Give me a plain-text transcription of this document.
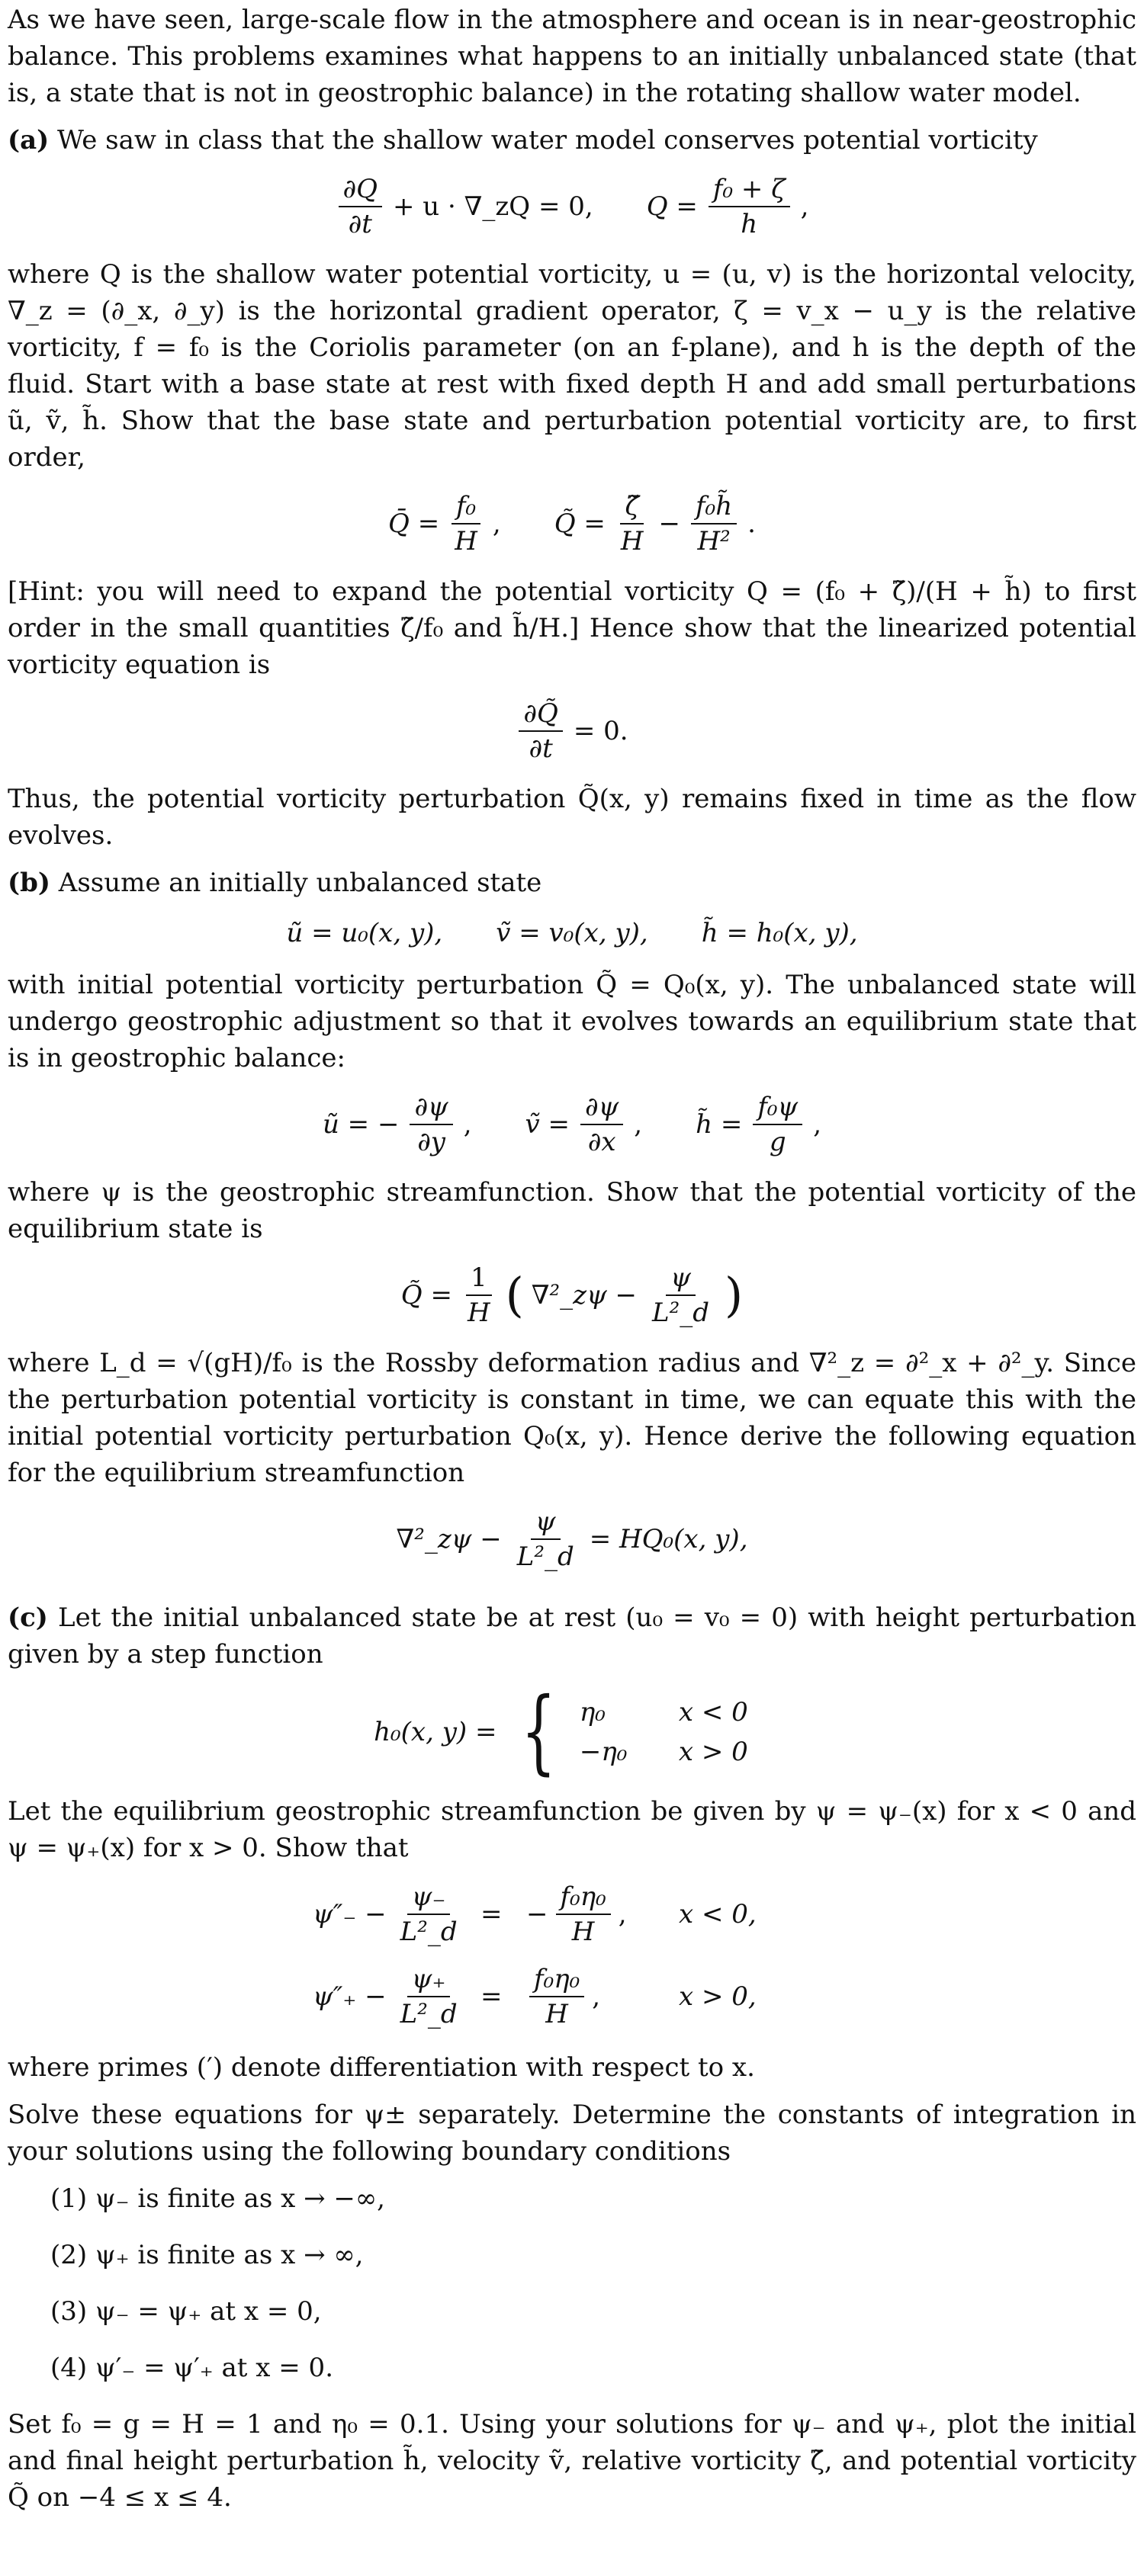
As we have seen, large-scale flow in the atmosphere and ocean is in near-geostrophic balance. This problems examines what happens to an initially unbalanced state (that is, a state that is not in geostrophic balance) in the rotating shallow water model.

(a) We saw in class that the shallow water model conserves potential vorticity

$\frac{\partial Q}{\partial t} + u$ · ∇_zQ = 0, $Q = \frac{\text{f₀ + ζ}}{h}$ ,

where Q is the shallow water potential vorticity, u = (u, v) is the horizontal velocity, ∇_z = (∂_x, ∂_y) is the horizontal gradient operator, ζ = v_x − u_y is the relative vorticity, f = f₀ is the Coriolis parameter (on an f-plane), and h is the depth of the fluid. Start with a base state at rest with fixed depth H and add small perturbations ũ, ṽ, h̃. Show that the base state and perturbation potential vorticity are, to first order,

Q̄ = $\frac{\text{f₀}}{H}$ , Q̃ = $\frac{\zetã}{H} - \frac{\text{f₀h̃}}{\text{H²}}$ .

[Hint: you will need to expand the potential vorticity Q = (f₀ + ζ̃)/(H + h̃) to first order in the small quantities ζ̃/f₀ and h̃/H.] Hence show that the linearized potential vorticity equation is

$\frac{\partial Q̃}{\partial t} = 0$.

Thus, the potential vorticity perturbation Q̃(x, y) remains fixed in time as the flow evolves.

(b) Assume an initially unbalanced state

ũ = u₀(x, y), ṽ = v₀(x, y), h̃ = h₀(x, y),

with initial potential vorticity perturbation Q̃ = Q₀(x, y). The unbalanced state will undergo geostrophic adjustment so that it evolves towards an equilibrium state that is in geostrophic balance:

ũ = − $\frac{\partial\psi}{\partial y}$ , ṽ = $\frac{\partial\psi}{\partial x}$ , h̃ = $\frac{\text{f₀ψ}}{g}$ ,

where ψ is the geostrophic streamfunction. Show that the potential vorticity of the equilibrium state is

Q̃ = $\frac{1}{H}$ ( ∇²_zψ − $\frac{\psi}{\text{L²\_d}}$ )

where L_d = √(gH)/f₀ is the Rossby deformation radius and ∇²_z = ∂²_x + ∂²_y. Since the perturbation potential vorticity is constant in time, we can equate this with the initial potential vorticity perturbation Q₀(x, y). Hence derive the following equation for the equilibrium streamfunction

∇²_zψ − $\frac{\psi}{\text{L²\_d}} = HQ_0(x$, y),

(c) Let the initial unbalanced state be at rest (u₀ = v₀ = 0) with height perturbation given by a step function

h₀(x, y) = { η₀	x < 0
−η₀	x > 0

Let the equilibrium geostrophic streamfunction be given by ψ = ψ₋(x) for x < 0 and ψ = ψ₊(x) for x > 0. Show that

$\psi''_- - \frac{\psi_-}{\text{L²\_d}}$ = − $\frac{\text{f₀η₀}}{H}$ , x < 0,
$\psi''_+ - \frac{\psi_+}{\text{L²\_d}}$ =	$\frac{\text{f₀η₀}}{H}$ ,	x > 0,

where primes (′) denote differentiation with respect to x.

Solve these equations for ψ± separately. Determine the constants of integration in your solutions using the following boundary conditions

(1) ψ₋ is finite as x → −∞,
(2) ψ₊ is finite as x → ∞,
(3) ψ₋ = ψ₊ at x = 0,
(4) ψ′₋ = ψ′₊ at x = 0.

Set f₀ = g = H = 1 and η₀ = 0.1. Using your solutions for ψ₋ and ψ₊, plot the initial and final height perturbation h̃, velocity ṽ, relative vorticity ζ̃, and potential vorticity Q̃ on −4 ≤ x ≤ 4.
